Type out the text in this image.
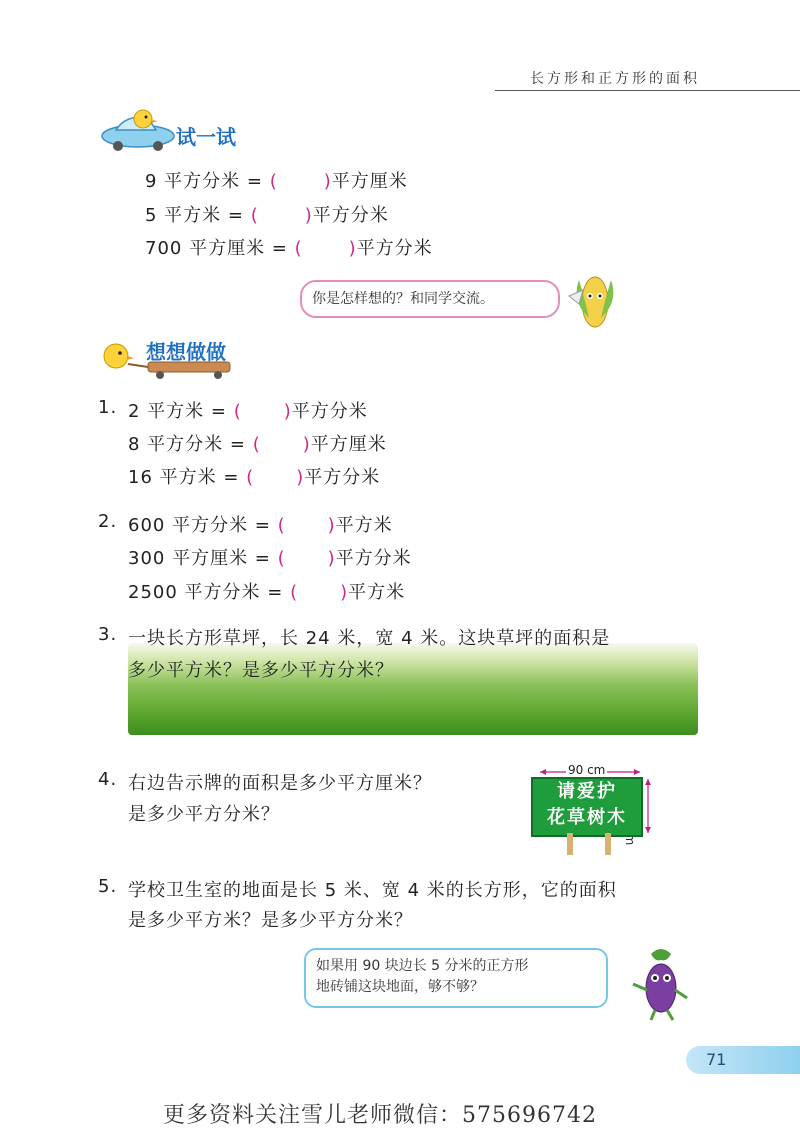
长方形和正方形的面积
试一试
9 平方分米 = (	)平方厘米
5 平方米 = (	)平方分米
700 平方厘米 = (	)平方分米
你是怎样想的？和同学交流。
想想做做
1. 2 平方米 = ( )平方分米
8 平方分米 = ( )平方厘米
16 平方米 = ( )平方分米
2. 600 平方分米 = ( )平方米
300 平方厘米 = ( )平方分米
2500 平方分米 = ( )平方米
3. 一块长方形草坪，长 24 米，宽 4 米。这块草坪的面积是
多少平方米？是多少平方分米？
4. 右边告示牌的面积是多少平方厘米？
是多少平方分米？
90 cm
请爱护
花草树木
5. 学校卫生室的地面是长 5 米、宽 4 米的长方形，它的面积
是多少平方米？是多少平方分米？
如果用 90 块边长 5 分米的正方形
地砖铺这块地面，够不够？
71
更多资料关注雪儿老师微信：575696742
